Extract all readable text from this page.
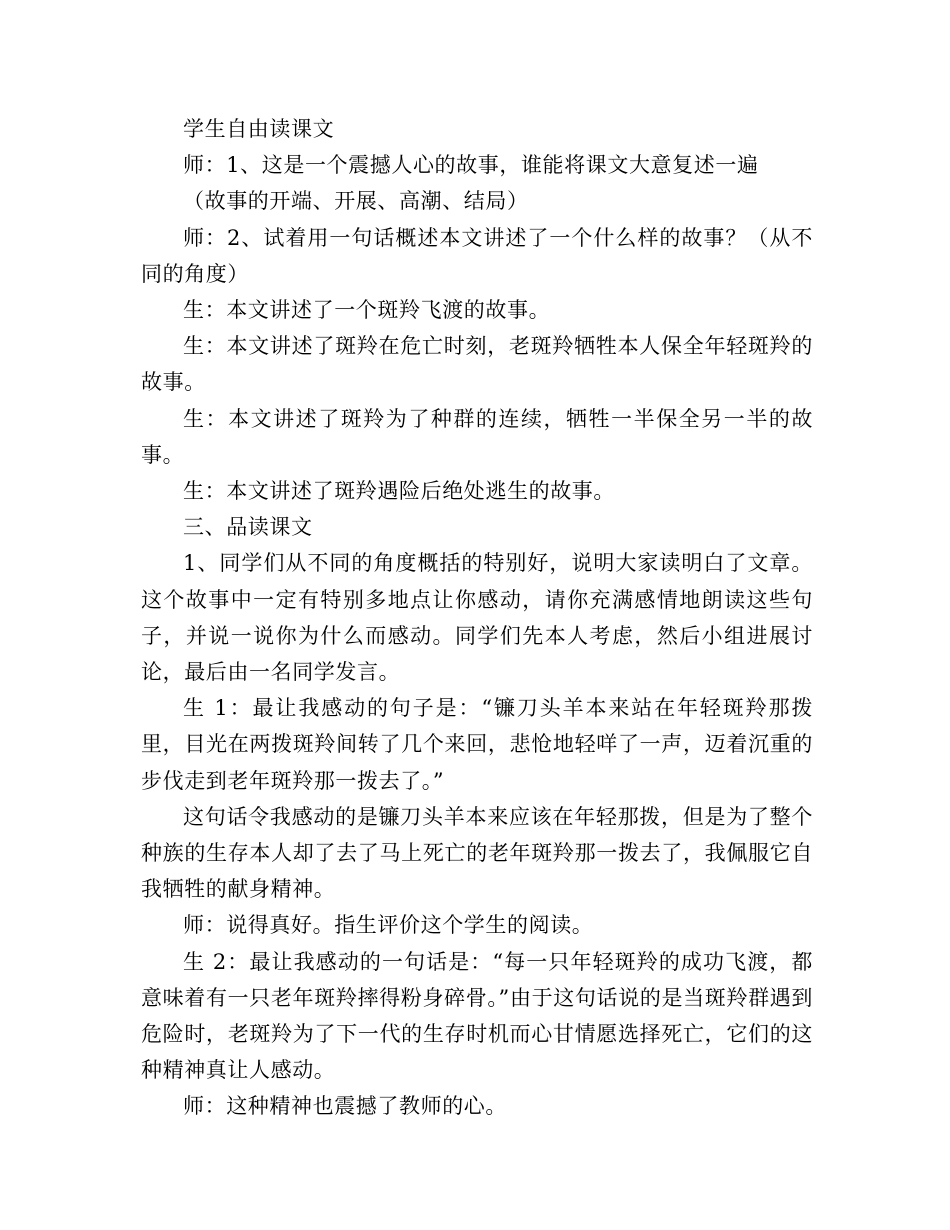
学生自由读课文

师：1、这是一个震撼人心的故事，谁能将课文大意复述一遍

（故事的开端、开展、高潮、结局）

师：2、试着用一句话概述本文讲述了一个什么样的故事？（从不同的角度）

生：本文讲述了一个斑羚飞渡的故事。

生：本文讲述了斑羚在危亡时刻，老斑羚牺牲本人保全年轻斑羚的故事。

生：本文讲述了斑羚为了种群的连续，牺牲一半保全另一半的故事。

生：本文讲述了斑羚遇险后绝处逃生的故事。

三、品读课文

1、同学们从不同的角度概括的特别好，说明大家读明白了文章。这个故事中一定有特别多地点让你感动，请你充满感情地朗读这些句子，并说一说你为什么而感动。同学们先本人考虑，然后小组进展讨论，最后由一名同学发言。

生 1：最让我感动的句子是：“镰刀头羊本来站在年轻斑羚那拨里，目光在两拨斑羚间转了几个来回，悲怆地轻咩了一声，迈着沉重的步伐走到老年斑羚那一拨去了。”

这句话令我感动的是镰刀头羊本来应该在年轻那拨，但是为了整个种族的生存本人却了去了马上死亡的老年斑羚那一拨去了，我佩服它自我牺牲的献身精神。

师：说得真好。指生评价这个学生的阅读。

生 2：最让我感动的一句话是：“每一只年轻斑羚的成功飞渡，都意味着有一只老年斑羚摔得粉身碎骨。”由于这句话说的是当斑羚群遇到危险时，老斑羚为了下一代的生存时机而心甘情愿选择死亡，它们的这种精神真让人感动。

师：这种精神也震撼了教师的心。
